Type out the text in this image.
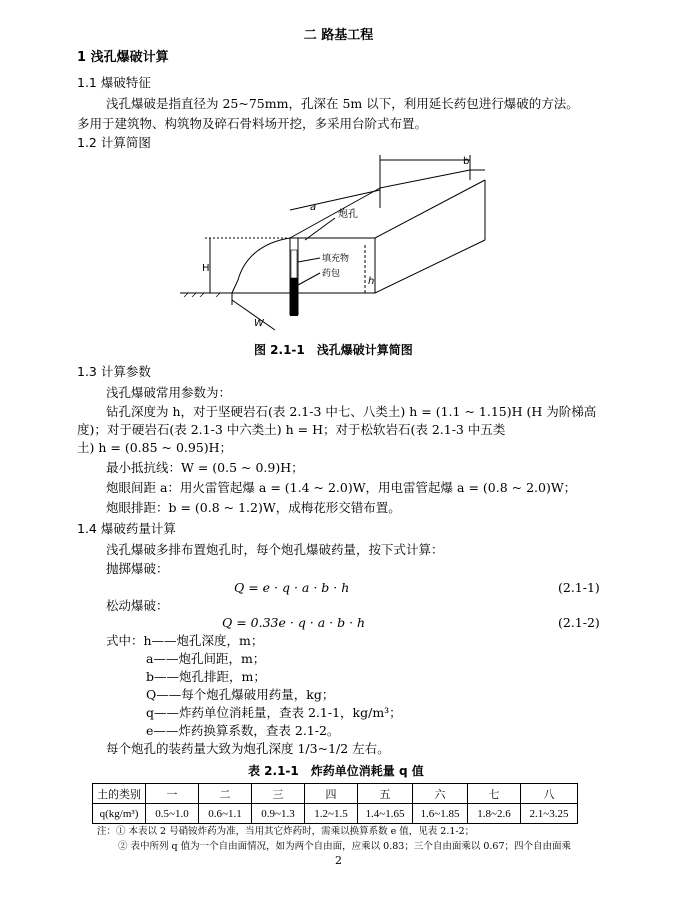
二 路基工程
1 浅孔爆破计算
1.1 爆破特征
浅孔爆破是指直径为 25~75mm，孔深在 5m 以下，利用延长药包进行爆破的方法。
多用于建筑物、构筑物及碎石骨料场开挖，多采用台阶式布置。
1.2 计算简图
b
a
炮孔
填充物
药包
H
h
W
图 2.1-1　浅孔爆破计算简图
1.3 计算参数
浅孔爆破常用参数为：
钻孔深度为 h，对于坚硬岩石(表 2.1-3 中七、八类土) h = (1.1 ~ 1.15)H (H 为阶梯高
度)；对于硬岩石(表 2.1-3 中六类土) h = H；对于松软岩石(表 2.1-3 中五类
土) h = (0.85 ~ 0.95)H；
最小抵抗线：W = (0.5 ~ 0.9)H；
炮眼间距 a：用火雷管起爆 a = (1.4 ~ 2.0)W，用电雷管起爆 a = (0.8 ~ 2.0)W；
炮眼排距：b = (0.8 ~ 1.2)W，成梅花形交错布置。
1.4 爆破药量计算
浅孔爆破多排布置炮孔时，每个炮孔爆破药量，按下式计算：
抛掷爆破：
Q = e · q · a · b · h	(2.1-1)
松动爆破：
Q = 0.33e · q · a · b · h	(2.1-2)
式中：h——炮孔深度，m；
a——炮孔间距，m；
b——炮孔排距，m；
Q——每个炮孔爆破用药量，kg；
q——炸药单位消耗量，查表 2.1-1，kg/m³；
e——炸药换算系数，查表 2.1-2。
每个炮孔的装药量大致为炮孔深度 1/3~1/2 左右。
表 2.1-1　炸药单位消耗量 q 值
土的类别	一	二	三	四	五	六	七	八
q(kg/m³)	0.5~1.0	0.6~1.1	0.9~1.3	1.2~1.5	1.4~1.65	1.6~1.85	1.8~2.6	2.1~3.25
注：① 本表以 2 号硝铵炸药为准，当用其它炸药时，需乘以换算系数 e 值，见表 2.1-2；
② 表中所列 q 值为一个自由面情况，如为两个自由面，应乘以 0.83；三个自由面乘以 0.67；四个自由面乘
2
